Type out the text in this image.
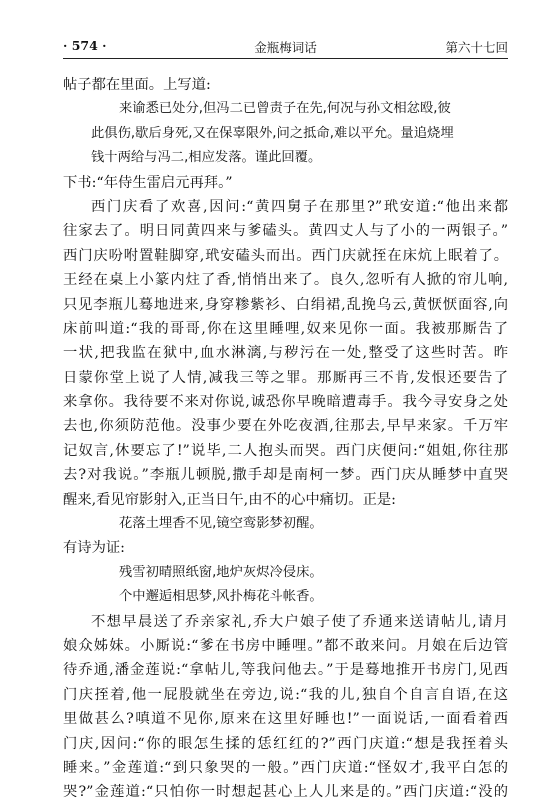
· 574 ·	金瓶梅词话	第六十七回
帖子都在里面。上写道:
来谕悉已处分,但冯二已曾责子在先,何况与孙文相忿殴,彼
此俱伤,歇后身死,又在保辜限外,问之抵命,难以平允。量追烧埋
钱十两给与冯二,相应发落。谨此回覆。
下书:“年侍生雷启元再拜。”
西门庆看了欢喜,因问:“黄四舅子在那里?”玳安道:“他出来都
往家去了。明日同黄四来与爹磕头。黄四丈人与了小的一两银子。”
西门庆吩咐置鞋脚穿,玳安磕头而出。西门庆就挃在床炕上眠着了。
王经在桌上小篆内炷了香,悄悄出来了。良久,忽听有人掀的帘儿响,
只见李瓶儿蓦地进来,身穿糁紫衫、白绢裙,乱挽乌云,黄恹恹面容,向
床前叫道:“我的哥哥,你在这里睡哩,奴来见你一面。我被那厮告了
一状,把我监在狱中,血水淋漓,与秽污在一处,整受了这些时苦。昨
日蒙你堂上说了人情,减我三等之罪。那厮再三不肯,发恨还要告了
来拿你。我待要不来对你说,诚恐你早晚暗遭毒手。我今寻安身之处
去也,你须防范他。没事少要在外吃夜酒,往那去,早早来家。千万牢
记奴言,休要忘了!”说毕,二人抱头而哭。西门庆便问:“姐姐,你往那
去?对我说。”李瓶儿顿脱,撒手却是南柯一梦。西门庆从睡梦中直哭
醒来,看见帘影射入,正当日午,由不的心中痛切。正是:
花落土埋香不见,镜空鸾影梦初醒。
有诗为证:
残雪初晴照纸窗,地炉灰烬冷侵床。
个中邂逅相思梦,风扑梅花斗帐香。
不想早晨送了乔亲家礼,乔大户娘子使了乔通来送请帖儿,请月
娘众姊妹。小厮说:“爹在书房中睡哩。”都不敢来问。月娘在后边管
待乔通,潘金莲说:“拿帖儿,等我问他去。”于是蓦地推开书房门,见西
门庆挃着,他一屁股就坐在旁边,说:“我的儿,独自个自言自语,在这
里做甚么?嗔道不见你,原来在这里好睡也!”一面说话,一面看着西
门庆,因问:“你的眼怎生揉的恁红红的?”西门庆道:“想是我挃着头
睡来。”金莲道:“到只象哭的一般。”西门庆道:“怪奴才,我平白怎的
哭?”金莲道:“只怕你一时想起甚心上人儿来是的。”西门庆道:“没的
